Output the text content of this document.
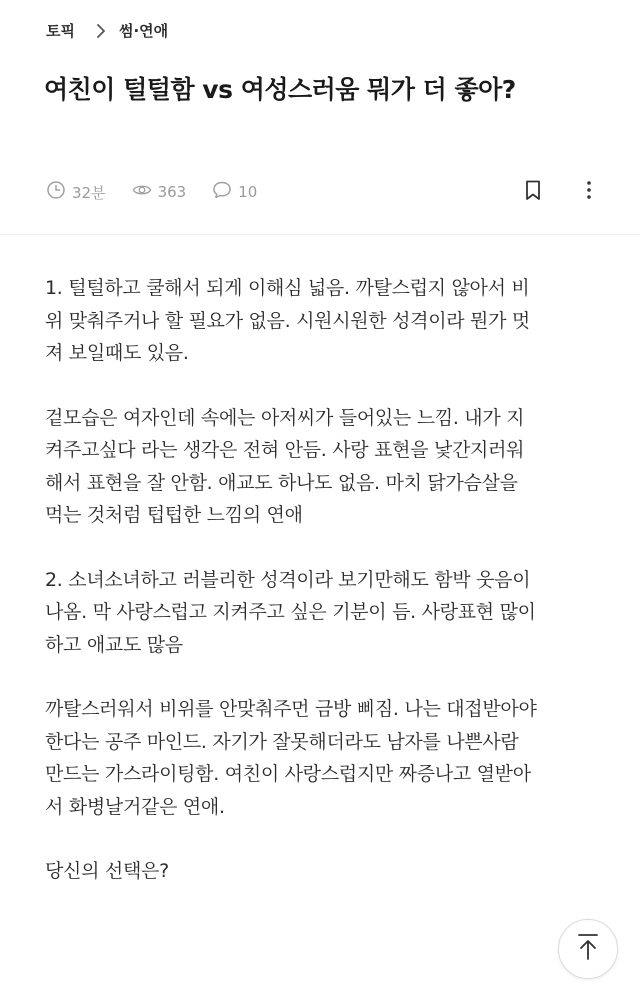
토픽	썸·연애
여친이 털털함 vs 여성스러움 뭐가 더 좋아?
32분	363	10

1. 털털하고 쿨해서 되게 이해심 넓음. 까탈스럽지 않아서 비
위 맞춰주거나 할 필요가 없음. 시원시원한 성격이라 뭔가 멋
져 보일때도 있음.

겉모습은 여자인데 속에는 아저씨가 들어있는 느낌. 내가 지
켜주고싶다 라는 생각은 전혀 안듬. 사랑 표현을 낯간지러워
해서 표현을 잘 안함. 애교도 하나도 없음. 마치 닭가슴살을
먹는 것처럼 텁텁한 느낌의 연애

2. 소녀소녀하고 러블리한 성격이라 보기만해도 함박 웃음이
나옴. 막 사랑스럽고 지켜주고 싶은 기분이 듬. 사랑표현 많이
하고 애교도 많음

까탈스러워서 비위를 안맞춰주먼 금방 삐짐. 나는 대접받아야
한다는 공주 마인드. 자기가 잘못해더라도 남자를 나쁜사람
만드는 가스라이팅함. 여친이 사랑스럽지만 짜증나고 열받아
서 화병날거같은 연애.

당신의 선택은?
